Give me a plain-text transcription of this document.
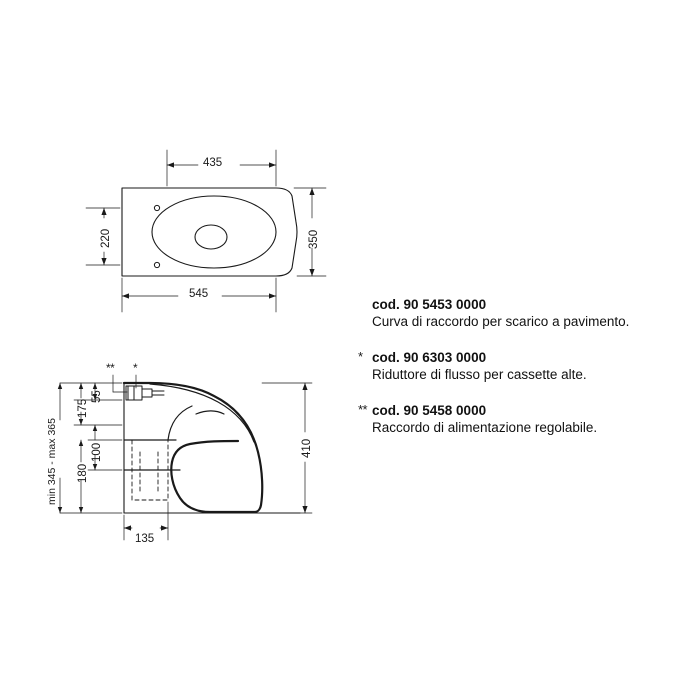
435
545
220	350
min 345 - max 365 180
175
100
55
410
135
** *
cod. 90 5453 0000
Curva di raccordo per scarico a pavimento.
* cod. 90 6303 0000
Riduttore di flusso per cassette alte.
** cod. 90 5458 0000
Raccordo di alimentazione regolabile.
